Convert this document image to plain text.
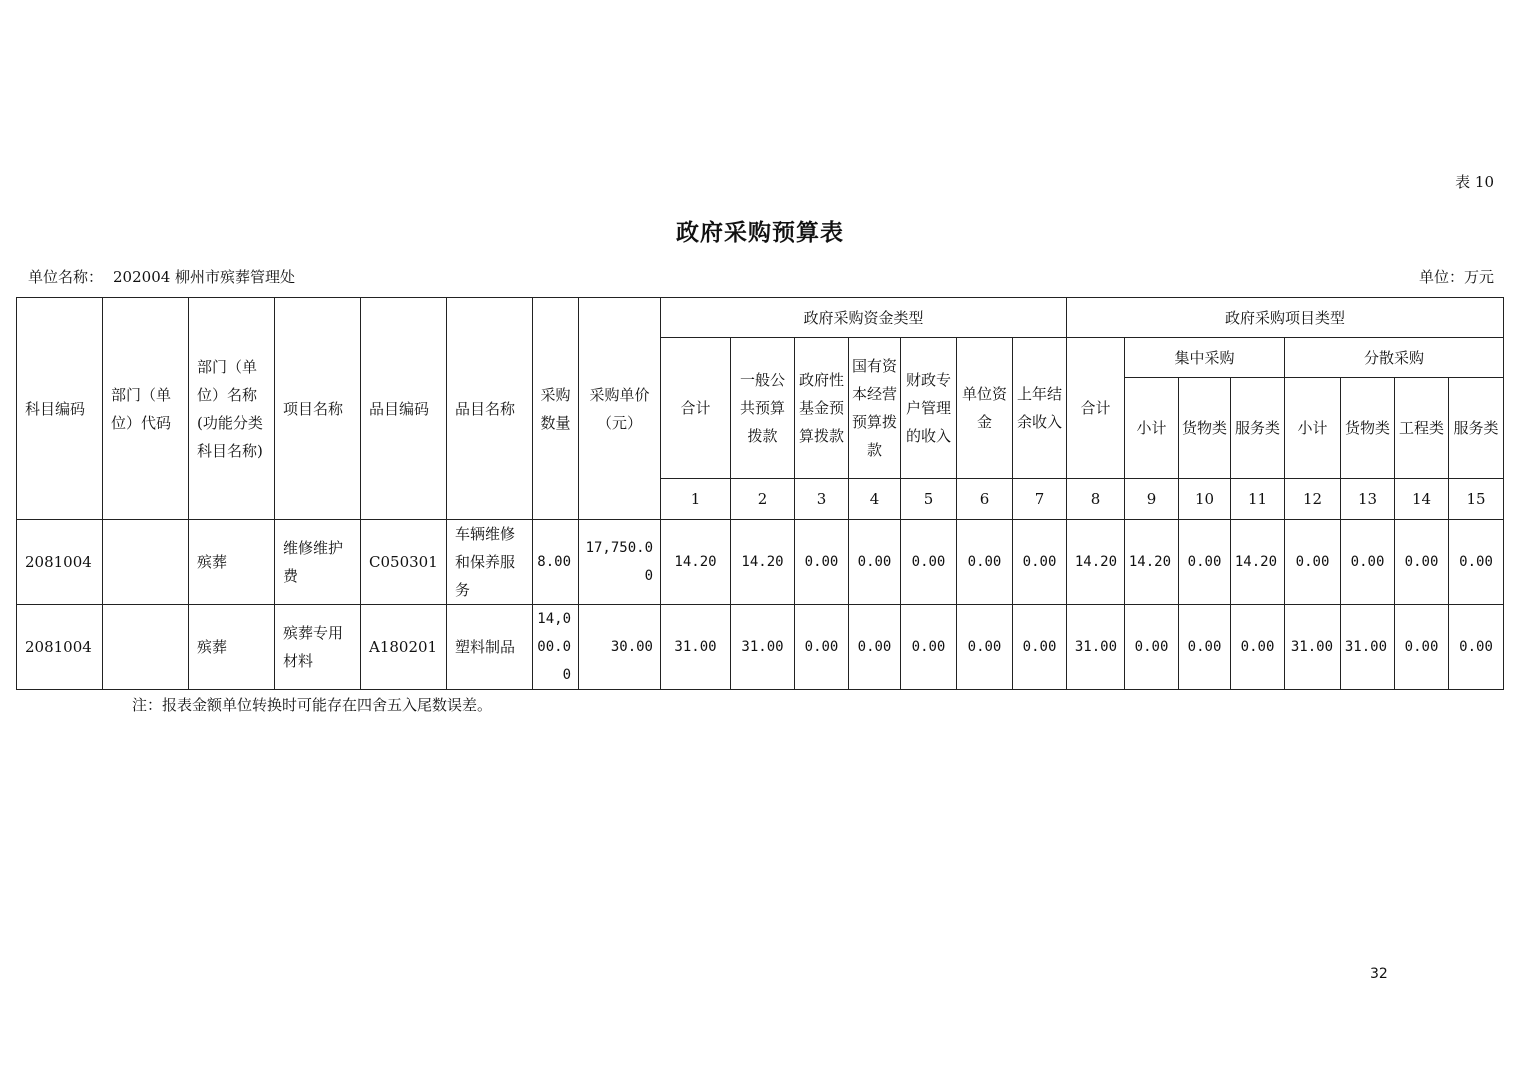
表 10
政府采购预算表
单位名称： 202004 柳州市殡葬管理处	单位：万元
科目编码	部门（单位）代码	部门（单位）名称(功能分类科目名称)	项目名称	品目编码	品目名称	采购数量	采购单价（元）	政府采购资金类型							政府采购项目类型							
								合计	一般公共预算拨款	政府性基金预算拨款	国有资本经营预算拨款	财政专户管理的收入	单位资金	上年结余收入	合计	集中采购			分散采购			
																小计	货物类	服务类	小计	货物类	工程类	服务类
								1	2	3	4	5	6	7	8	9	10	11	12	13	14	15
2081004		殡葬	维修维护费	C050301	车辆维修和保养服务	8.00	17,750.00	14.20	14.20	0.00	0.00	0.00	0.00	0.00	14.20	14.20	0.00	14.20	0.00	0.00	0.00	0.00
2081004		殡葬	殡葬专用材料	A180201	塑料制品	14,000.00	30.00	31.00	31.00	0.00	0.00	0.00	0.00	0.00	31.00	0.00	0.00	0.00	31.00	31.00	0.00	0.00
注：报表金额单位转换时可能存在四舍五入尾数误差。
32
